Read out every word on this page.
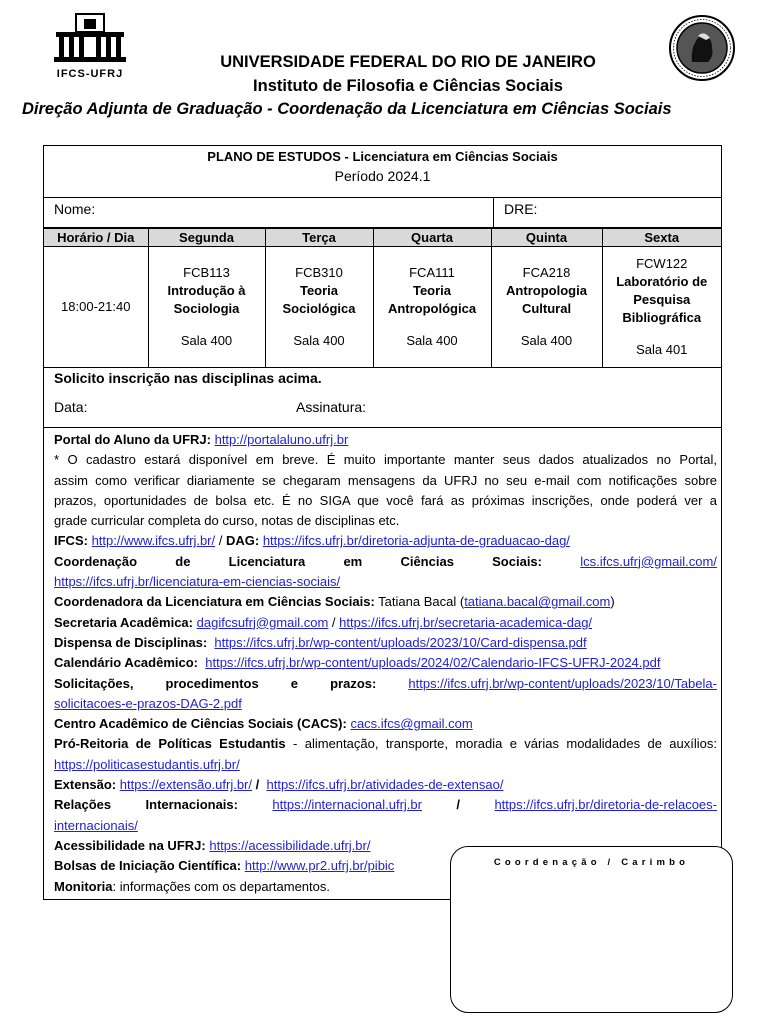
IFCS-UFRJ
UNIVERSIDADE FEDERAL DO RIO DE JANEIRO
Instituto de Filosofia e Ciências Sociais
Direção Adjunta de Graduação - Coordenação da Licenciatura em Ciências Sociais
PLANO DE ESTUDOS - Licenciatura em Ciências Sociais
Período 2024.1
Nome:	DRE:
Horário / Dia	Segunda	Terça	Quarta	Quinta	Sexta
18:00-21:40	FCB113
Introdução à
Sociologia
Sala 400	FCB310
Teoria
Sociológica
Sala 400	FCA111
Teoria
Antropológica
Sala 400	FCA218
Antropologia
Cultural
Sala 400	FCW122
Laboratório de
Pesquisa
Bibliográfica
Sala 401
Solicito inscrição nas disciplinas acima.
Data:	Assinatura:

Portal do Aluno da UFRJ: http://portalaluno.ufrj.br

* O cadastro estará disponível em breve. É muito importante manter seus dados atualizados no Portal,

assim como verificar diariamente se chegaram mensagens da UFRJ no seu e-mail com notificações sobre

prazos, oportunidades de bolsa etc. É no SIGA que você fará as próximas inscrições, onde poderá ver a

grade curricular completa do curso, notas de disciplinas etc.

IFCS: http://www.ifcs.ufrj.br/ / DAG: https://ifcs.ufrj.br/diretoria-adjunta-de-graduacao-dag/

Coordenação	de	Licenciatura	em	Ciências	Sociais:	lcs.ifcs.ufrj@gmail.com/

https://ifcs.ufrj.br/licenciatura-em-ciencias-sociais/

Coordenadora da Licenciatura em Ciências Sociais: Tatiana Bacal (tatiana.bacal@gmail.com)

Secretaria Acadêmica: dagifcsufrj@gmail.com / https://ifcs.ufrj.br/secretaria-academica-dag/

Dispensa de Disciplinas: https://ifcs.ufrj.br/wp-content/uploads/2023/10/Card-dispensa.pdf

Calendário Acadêmico: https://ifcs.ufrj.br/wp-content/uploads/2024/02/Calendario-IFCS-UFRJ-2024.pdf

Solicitações, procedimentos e prazos: https://ifcs.ufrj.br/wp-content/uploads/2023/10/Tabela-

solicitacoes-e-prazos-DAG-2.pdf

Centro Acadêmico de Ciências Sociais (CACS): cacs.ifcs@gmail.com

Pró-Reitoria de Políticas Estudantis - alimentação, transporte, moradia e várias modalidades de auxílios:

https://politicasestudantis.ufrj.br/

Extensão: https://extensão.ufrj.br/ / https://ifcs.ufrj.br/atividades-de-extensao/

Relações	Internacionais:	https://internacional.ufrj.br	/	https://ifcs.ufrj.br/diretoria-de-relacoes-

internacionais/

Acessibilidade na UFRJ: https://acessibilidade.ufrj.br/

Bolsas de Iniciação Científica: http://www.pr2.ufrj.br/pibic

Monitoria: informações com os departamentos.

Coordenação / Carimbo
